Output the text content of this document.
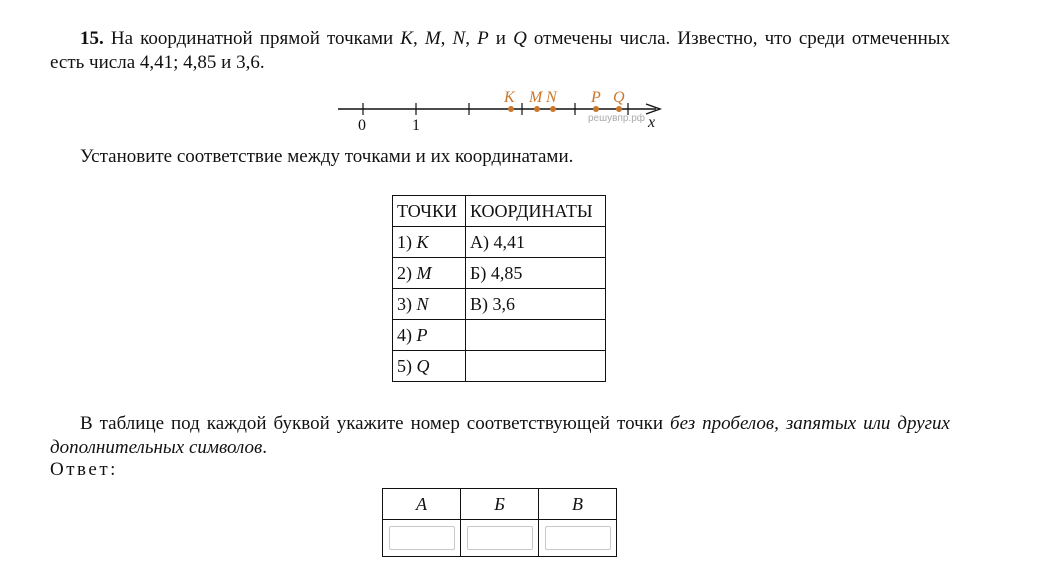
15. На координатной прямой точками K, M, N, P и Q отмечены числа. Известно, что среди отмеченных есть числа 4,41; 4,85 и 3,6.
0	1	x
решувпр.рф
K M N P Q
Установите соответствие между точками и их координатами.
ТОЧКИ	КООРДИНАТЫ
1) K	А) 4,41
2) M	Б) 4,85
3) N	В) 3,6
4) P	
5) Q	
В таблице под каждой буквой укажите номер соответствующей точки без пробелов, запятых или других дополнительных символов.
Ответ:
А	Б	В
